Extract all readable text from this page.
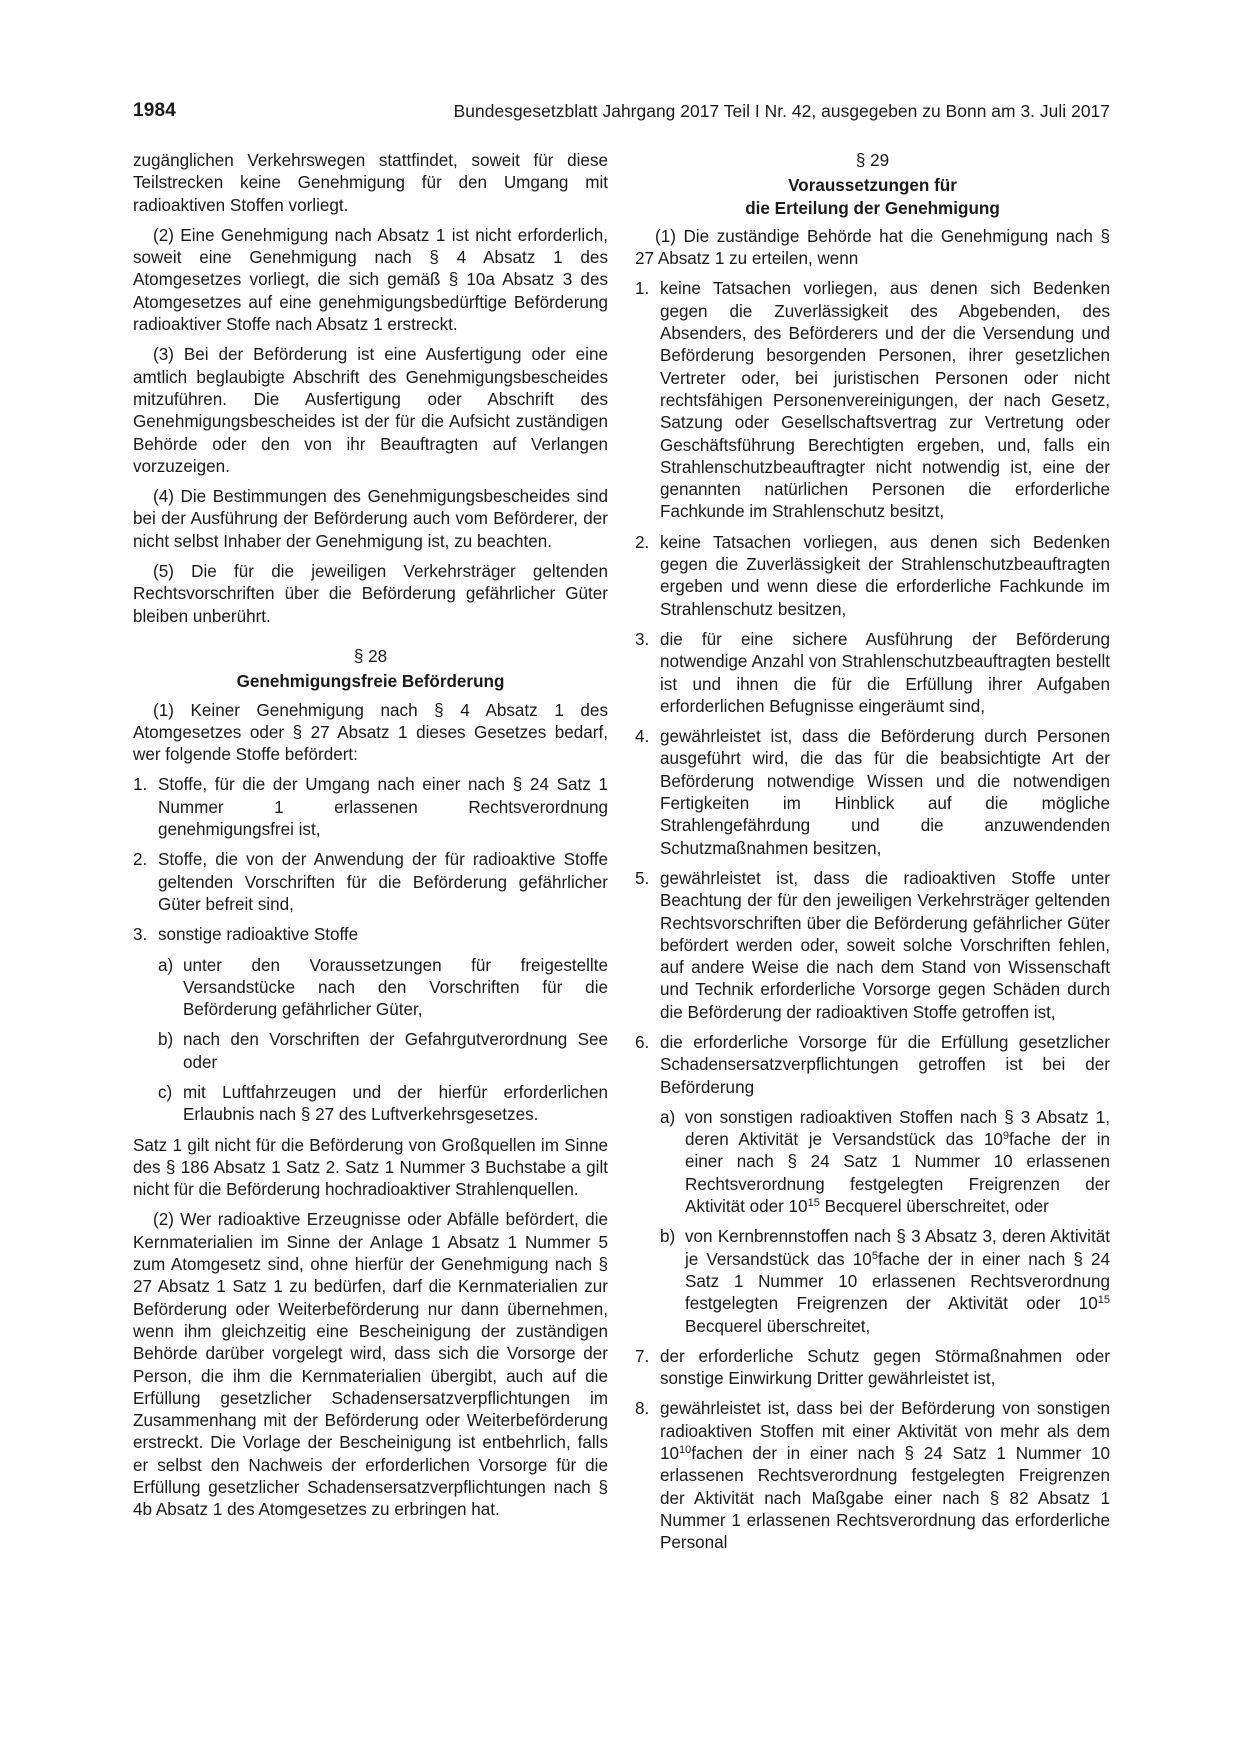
1984	Bundesgesetzblatt Jahrgang 2017 Teil I Nr. 42, ausgegeben zu Bonn am 3. Juli 2017

zugänglichen Verkehrswegen stattfindet, soweit für diese Teilstrecken keine Genehmigung für den Umgang mit radioaktiven Stoffen vorliegt.

(2) Eine Genehmigung nach Absatz 1 ist nicht erforderlich, soweit eine Genehmigung nach § 4 Absatz 1 des Atomgesetzes vorliegt, die sich gemäß § 10a Absatz 3 des Atomgesetzes auf eine genehmigungsbedürftige Beförderung radioaktiver Stoffe nach Absatz 1 erstreckt.

(3) Bei der Beförderung ist eine Ausfertigung oder eine amtlich beglaubigte Abschrift des Genehmigungsbescheides mitzuführen. Die Ausfertigung oder Abschrift des Genehmigungsbescheides ist der für die Aufsicht zuständigen Behörde oder den von ihr Beauftragten auf Verlangen vorzuzeigen.

(4) Die Bestimmungen des Genehmigungsbescheides sind bei der Ausführung der Beförderung auch vom Beförderer, der nicht selbst Inhaber der Genehmigung ist, zu beachten.

(5) Die für die jeweiligen Verkehrsträger geltenden Rechtsvorschriften über die Beförderung gefährlicher Güter bleiben unberührt.

§ 28
Genehmigungsfreie Beförderung

(1) Keiner Genehmigung nach § 4 Absatz 1 des Atomgesetzes oder § 27 Absatz 1 dieses Gesetzes bedarf, wer folgende Stoffe befördert:

1. Stoffe, für die der Umgang nach einer nach § 24 Satz 1 Nummer 1 erlassenen Rechtsverordnung genehmigungsfrei ist,
2. Stoffe, die von der Anwendung der für radioaktive Stoffe geltenden Vorschriften für die Beförderung gefährlicher Güter befreit sind,
3. sonstige radioaktive Stoffe
a) unter den Voraussetzungen für freigestellte Versandstücke nach den Vorschriften für die Beförderung gefährlicher Güter,
b) nach den Vorschriften der Gefahrgutverordnung See oder
c) mit Luftfahrzeugen und der hierfür erforderlichen Erlaubnis nach § 27 des Luftverkehrsgesetzes.

Satz 1 gilt nicht für die Beförderung von Großquellen im Sinne des § 186 Absatz 1 Satz 2. Satz 1 Nummer 3 Buchstabe a gilt nicht für die Beförderung hochradioaktiver Strahlenquellen.

(2) Wer radioaktive Erzeugnisse oder Abfälle befördert, die Kernmaterialien im Sinne der Anlage 1 Absatz 1 Nummer 5 zum Atomgesetz sind, ohne hierfür der Genehmigung nach § 27 Absatz 1 Satz 1 zu bedürfen, darf die Kernmaterialien zur Beförderung oder Weiterbeförderung nur dann übernehmen, wenn ihm gleichzeitig eine Bescheinigung der zuständigen Behörde darüber vorgelegt wird, dass sich die Vorsorge der Person, die ihm die Kernmaterialien übergibt, auch auf die Erfüllung gesetzlicher Schadensersatzverpflichtungen im Zusammenhang mit der Beförderung oder Weiterbeförderung erstreckt. Die Vorlage der Bescheinigung ist entbehrlich, falls er selbst den Nachweis der erforderlichen Vorsorge für die Erfüllung gesetzlicher Schadensersatzverpflichtungen nach § 4b Absatz 1 des Atomgesetzes zu erbringen hat.

§ 29
Voraussetzungen für
die Erteilung der Genehmigung

(1) Die zuständige Behörde hat die Genehmigung nach § 27 Absatz 1 zu erteilen, wenn

1. keine Tatsachen vorliegen, aus denen sich Bedenken gegen die Zuverlässigkeit des Abgebenden, des Absenders, des Beförderers und der die Versendung und Beförderung besorgenden Personen, ihrer gesetzlichen Vertreter oder, bei juristischen Personen oder nicht rechtsfähigen Personenvereinigungen, der nach Gesetz, Satzung oder Gesellschaftsvertrag zur Vertretung oder Geschäftsführung Berechtigten ergeben, und, falls ein Strahlenschutzbeauftragter nicht notwendig ist, eine der genannten natürlichen Personen die erforderliche Fachkunde im Strahlenschutz besitzt,
2. keine Tatsachen vorliegen, aus denen sich Bedenken gegen die Zuverlässigkeit der Strahlenschutzbeauftragten ergeben und wenn diese die erforderliche Fachkunde im Strahlenschutz besitzen,
3. die für eine sichere Ausführung der Beförderung notwendige Anzahl von Strahlenschutzbeauftragten bestellt ist und ihnen die für die Erfüllung ihrer Aufgaben erforderlichen Befugnisse eingeräumt sind,
4. gewährleistet ist, dass die Beförderung durch Personen ausgeführt wird, die das für die beabsichtigte Art der Beförderung notwendige Wissen und die notwendigen Fertigkeiten im Hinblick auf die mögliche Strahlengefährdung und die anzuwendenden Schutzmaßnahmen besitzen,
5. gewährleistet ist, dass die radioaktiven Stoffe unter Beachtung der für den jeweiligen Verkehrsträger geltenden Rechtsvorschriften über die Beförderung gefährlicher Güter befördert werden oder, soweit solche Vorschriften fehlen, auf andere Weise die nach dem Stand von Wissenschaft und Technik erforderliche Vorsorge gegen Schäden durch die Beförderung der radioaktiven Stoffe getroffen ist,
6. die erforderliche Vorsorge für die Erfüllung gesetzlicher Schadensersatzverpflichtungen getroffen ist bei der Beförderung
a) von sonstigen radioaktiven Stoffen nach § 3 Absatz 1, deren Aktivität je Versandstück das $10^9fache$ der in einer nach § 24 Satz 1 Nummer 10 erlassenen Rechtsverordnung festgelegten Freigrenzen der Aktivität oder $10^{15}$ Becquerel überschreitet, oder
b) von Kernbrennstoffen nach § 3 Absatz 3, deren Aktivität je Versandstück das $10^5fache$ der in einer nach § 24 Satz 1 Nummer 10 erlassenen Rechtsverordnung festgelegten Freigrenzen der Aktivität oder $10^{15}$ Becquerel überschreitet,
7. der erforderliche Schutz gegen Störmaßnahmen oder sonstige Einwirkung Dritter gewährleistet ist,
8. gewährleistet ist, dass bei der Beförderung von sonstigen radioaktiven Stoffen mit einer Aktivität von mehr als dem $10^{10}fachen$ der in einer nach § 24 Satz 1 Nummer 10 erlassenen Rechtsverordnung festgelegten Freigrenzen der Aktivität nach Maßgabe einer nach § 82 Absatz 1 Nummer 1 erlassenen Rechtsverordnung das erforderliche Personal
